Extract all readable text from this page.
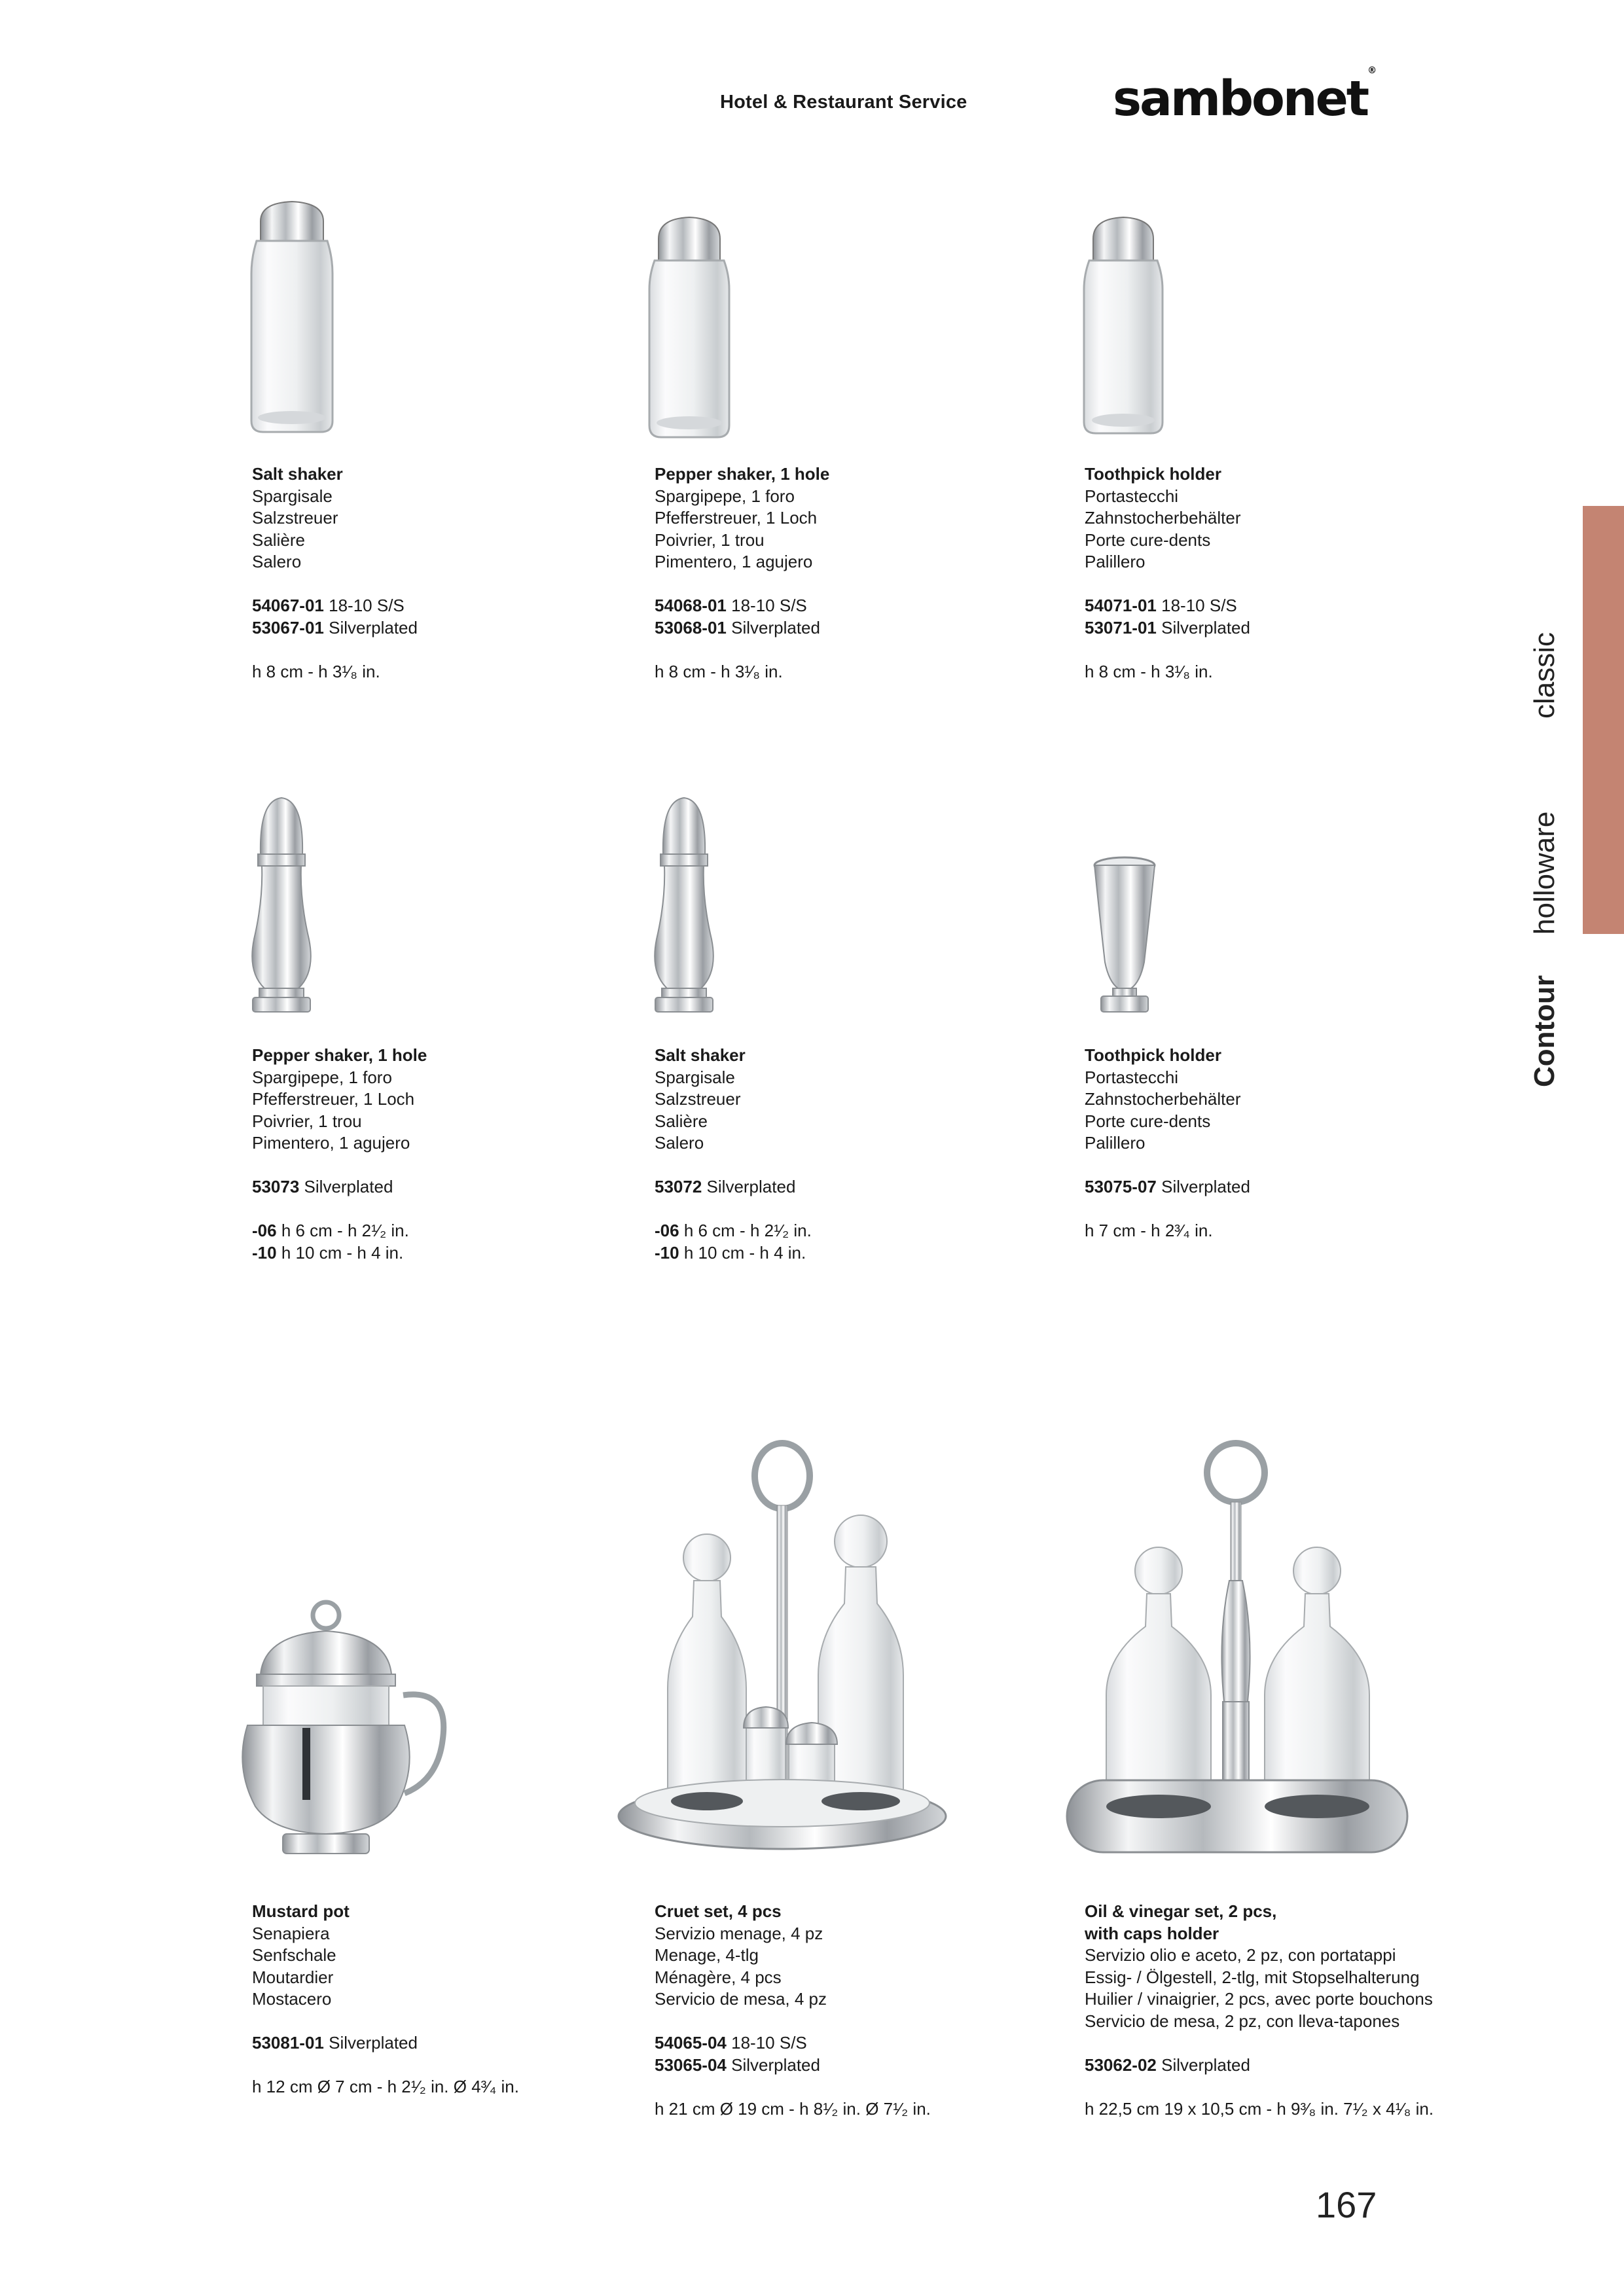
Hotel & Restaurant Service	sambonet®
classic
holloware
Contour
Salt shaker
Spargisale
Salzstreuer
Salière
Salero
54067-01 18-10 S/S
53067-01 Silverplated
h 8 cm - h 3¹⁄₈ in.
Pepper shaker, 1 hole
Spargipepe, 1 foro
Pfefferstreuer, 1 Loch
Poivrier, 1 trou
Pimentero, 1 agujero
54068-01 18-10 S/S
53068-01 Silverplated
h 8 cm - h 3¹⁄₈ in.
Toothpick holder
Portastecchi
Zahnstocherbehälter
Porte cure-dents
Palillero
54071-01 18-10 S/S
53071-01 Silverplated
h 8 cm - h 3¹⁄₈ in.
Pepper shaker, 1 hole
Spargipepe, 1 foro
Pfefferstreuer, 1 Loch
Poivrier, 1 trou
Pimentero, 1 agujero
53073 Silverplated
-06 h 6 cm - h 2¹⁄₂ in.
-10 h 10 cm - h 4 in.
Salt shaker
Spargisale
Salzstreuer
Salière
Salero
53072 Silverplated
-06 h 6 cm - h 2¹⁄₂ in.
-10 h 10 cm - h 4 in.
Toothpick holder
Portastecchi
Zahnstocherbehälter
Porte cure-dents
Palillero
53075-07 Silverplated
h 7 cm - h 2³⁄₄ in.
Mustard pot
Senapiera
Senfschale
Moutardier
Mostacero
53081-01 Silverplated
h 12 cm Ø 7 cm - h 2¹⁄₂ in. Ø 4³⁄₄ in.
Cruet set, 4 pcs
Servizio menage, 4 pz
Menage, 4-tlg
Ménagère, 4 pcs
Servicio de mesa, 4 pz
54065-04 18-10 S/S
53065-04 Silverplated
h 21 cm Ø 19 cm - h 8¹⁄₂ in. Ø 7¹⁄₂ in.
Oil & vinegar set, 2 pcs,
with caps holder
Servizio olio e aceto, 2 pz, con portatappi
Essig- / Ölgestell, 2-tlg, mit Stopselhalterung
Huilier / vinaigrier, 2 pcs, avec porte bouchons
Servicio de mesa, 2 pz, con lleva-tapones
53062-02 Silverplated
h 22,5 cm 19 x 10,5 cm - h 9³⁄₈ in. 7¹⁄₂ x 4¹⁄₈ in.
167
